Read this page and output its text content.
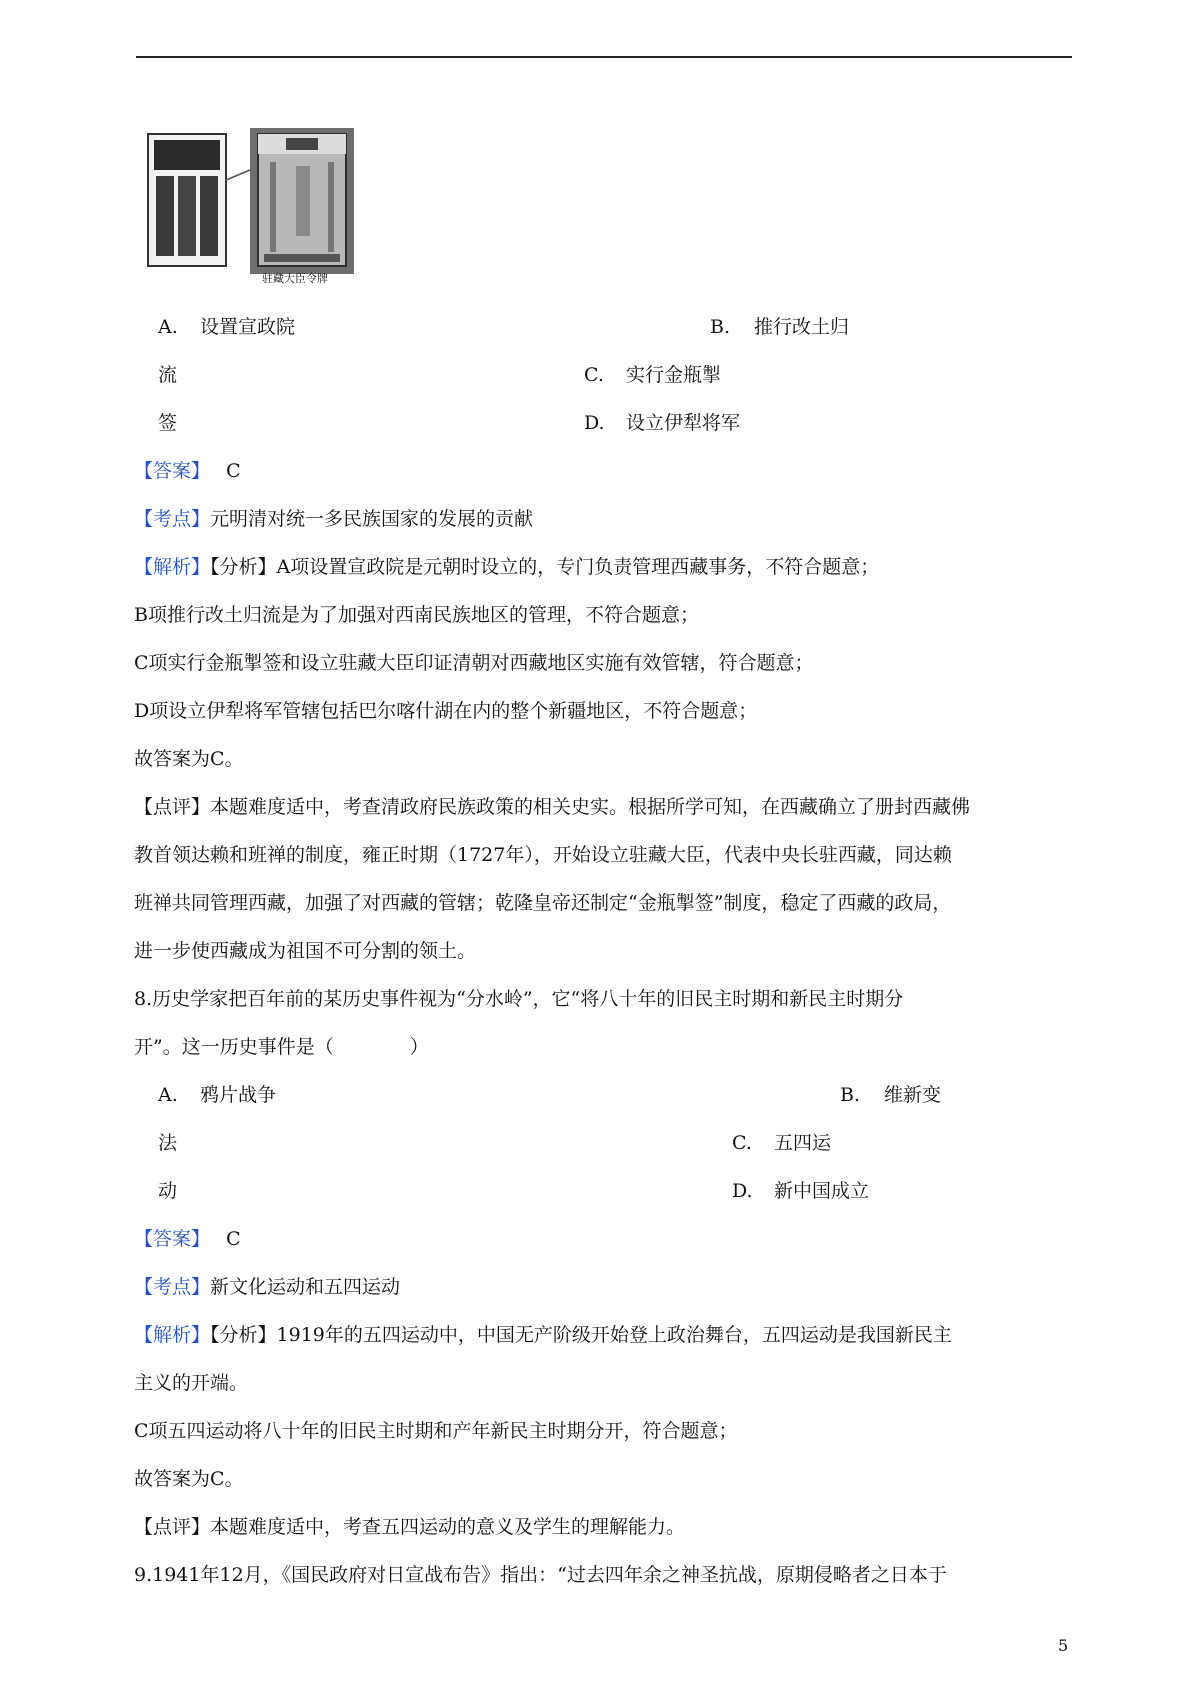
驻藏大臣令牌
A. 设置宣政院	B. 推行改土归
流	C. 实行金瓶掣
签	D. 设立伊犁将军
【答案】 C
【考点】元明清对统一多民族国家的发展的贡献
【解析】【分析】A项设置宣政院是元朝时设立的，专门负责管理西藏事务，不符合题意；
B项推行改土归流是为了加强对西南民族地区的管理，不符合题意；
C项实行金瓶掣签和设立驻藏大臣印证清朝对西藏地区实施有效管辖，符合题意；
D项设立伊犁将军管辖包括巴尔喀什湖在内的整个新疆地区，不符合题意；
故答案为C。
【点评】本题难度适中，考查清政府民族政策的相关史实。根据所学可知，在西藏确立了册封西藏佛
教首领达赖和班禅的制度，雍正时期（1727年），开始设立驻藏大臣，代表中央长驻西藏，同达赖
班禅共同管理西藏，加强了对西藏的管辖；乾隆皇帝还制定“金瓶掣签”制度，稳定了西藏的政局，
进一步使西藏成为祖国不可分割的领土。
8.历史学家把百年前的某历史事件视为“分水岭”，它“将八十年的旧民主时期和新民主时期分
开”。这一历史事件是（　　　　）
A. 鸦片战争	B. 维新变
法	C. 五四运
动	D. 新中国成立
【答案】 C
【考点】新文化运动和五四运动
【解析】【分析】1919年的五四运动中，中国无产阶级开始登上政治舞台，五四运动是我国新民主
主义的开端。
C项五四运动将八十年的旧民主时期和产年新民主时期分开，符合题意；
故答案为C。
【点评】本题难度适中，考查五四运动的意义及学生的理解能力。
9.1941年12月，《国民政府对日宣战布告》指出：“过去四年余之神圣抗战，原期侵略者之日本于
5
